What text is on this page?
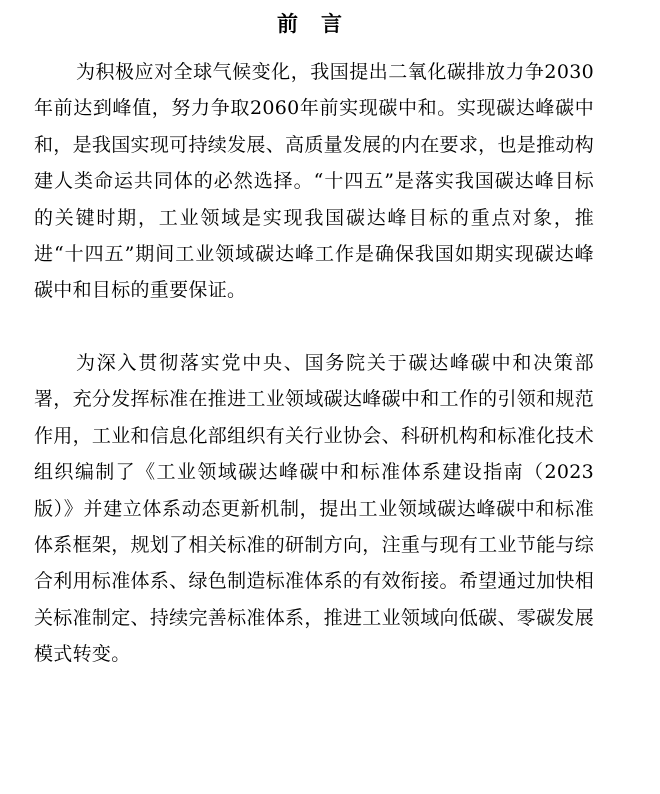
前 言

为积极应对全球气候变化，我国提出二氧化碳排放力争2030年前达到峰值，努力争取2060年前实现碳中和。实现碳达峰碳中和，是我国实现可持续发展、高质量发展的内在要求，也是推动构建人类命运共同体的必然选择。“十四五”是落实我国碳达峰目标的关键时期，工业领域是实现我国碳达峰目标的重点对象，推进“十四五”期间工业领域碳达峰工作是确保我国如期实现碳达峰碳中和目标的重要保证。

为深入贯彻落实党中央、国务院关于碳达峰碳中和决策部署，充分发挥标准在推进工业领域碳达峰碳中和工作的引领和规范作用，工业和信息化部组织有关行业协会、科研机构和标准化技术组织编制了《工业领域碳达峰碳中和标准体系建设指南（2023版）》并建立体系动态更新机制，提出工业领域碳达峰碳中和标准体系框架，规划了相关标准的研制方向，注重与现有工业节能与综合利用标准体系、绿色制造标准体系的有效衔接。希望通过加快相关标准制定、持续完善标准体系，推进工业领域向低碳、零碳发展模式转变。
